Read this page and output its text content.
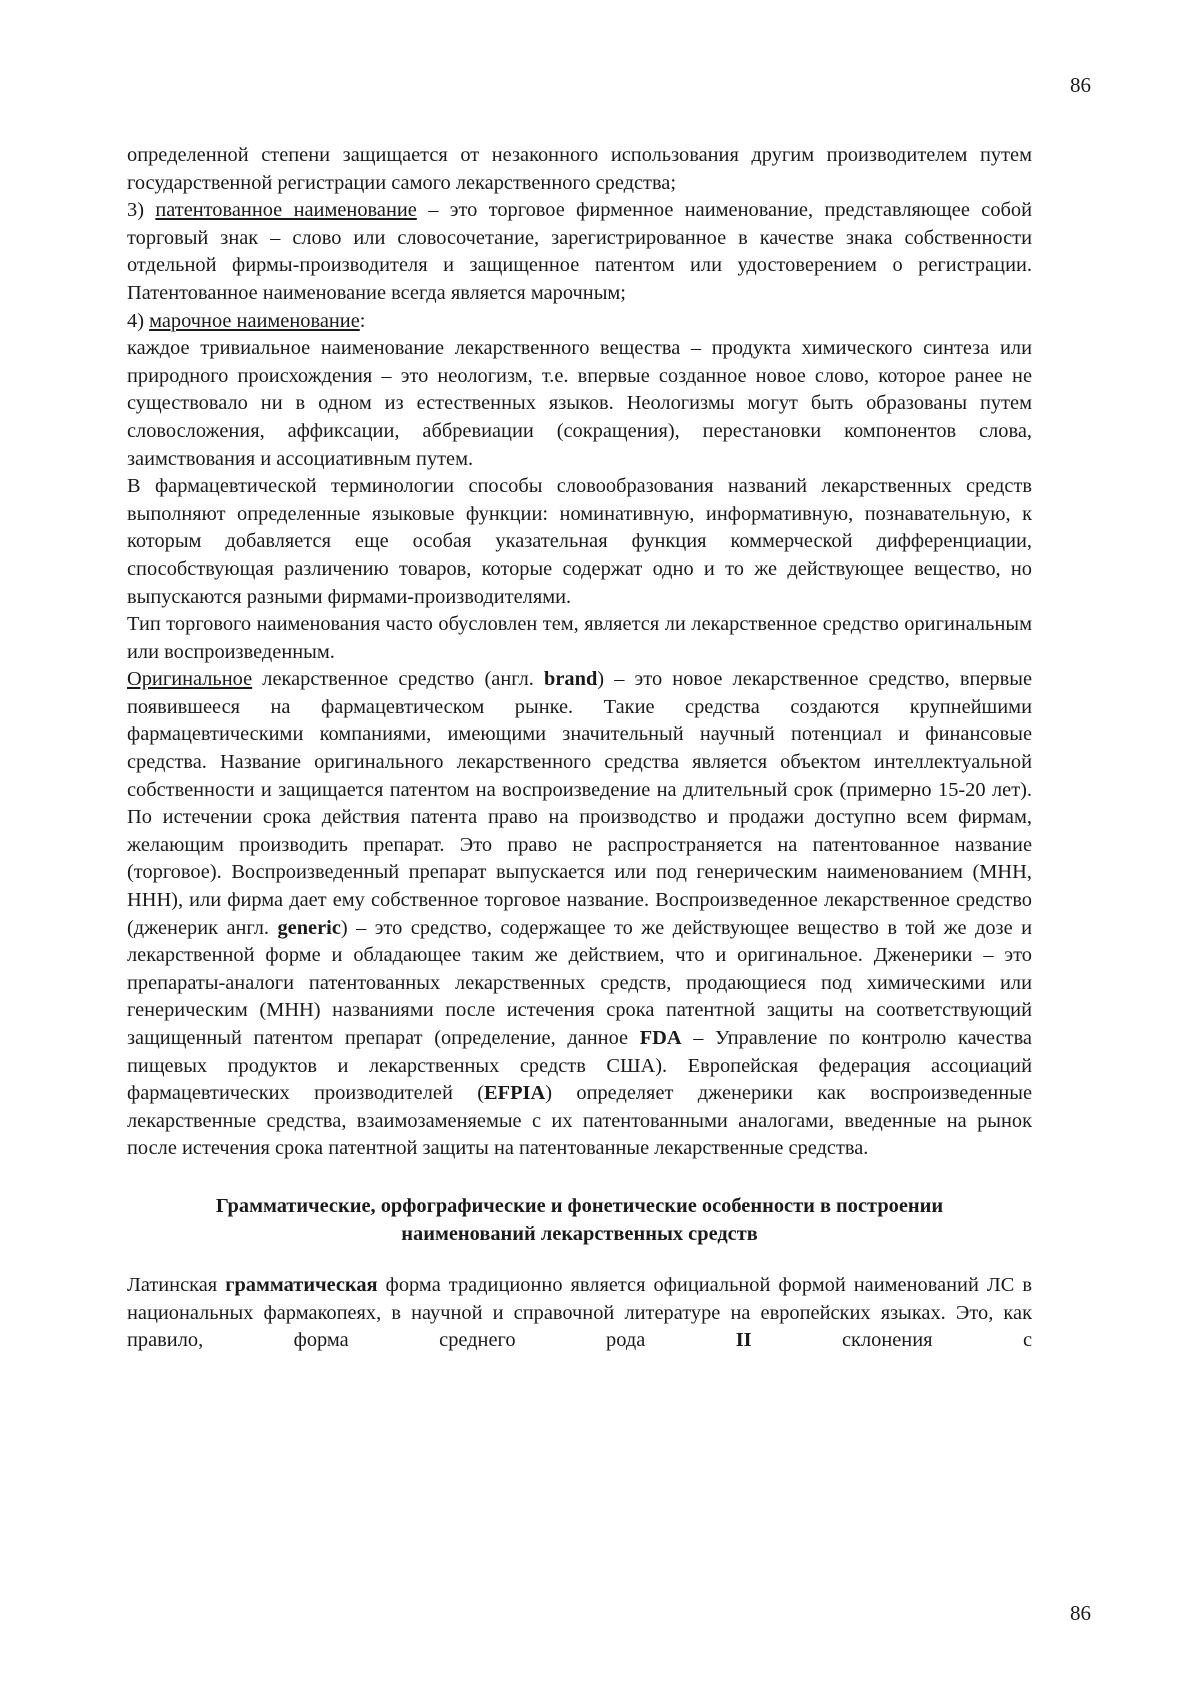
86

определенной степени защищается от незаконного использования другим производителем путем государственной регистрации самого лекарственного средства;

3) патентованное наименование – это торговое фирменное наименование, представляющее собой торговый знак – слово или словосочетание, зарегистрированное в качестве знака собственности отдельной фирмы-производителя и защищенное патентом или удостоверением о регистрации. Патентованное наименование всегда является марочным;

4) марочное наименование:

каждое тривиальное наименование лекарственного вещества – продукта химического синтеза или природного происхождения – это неологизм, т.е. впервые созданное новое слово, которое ранее не существовало ни в одном из естественных языков. Неологизмы могут быть образованы путем словосложения, аффиксации, аббревиации (сокращения), перестановки компонентов слова, заимствования и ассоциативным путем.

В фармацевтической терминологии способы словообразования названий лекарственных средств выполняют определенные языковые функции: номинативную, информативную, познавательную, к которым добавляется еще особая указательная функция коммерческой дифференциации, способствующая различению товаров, которые содержат одно и то же действующее вещество, но выпускаются разными фирмами-производителями.

Тип торгового наименования часто обусловлен тем, является ли лекарственное средство оригинальным или воспроизведенным.

Оригинальное лекарственное средство (англ. brand) – это новое лекарственное средство, впервые появившееся на фармацевтическом рынке. Такие средства создаются крупнейшими фармацевтическими компаниями, имеющими значительный научный потенциал и финансовые средства. Название оригинального лекарственного средства является объектом интеллектуальной собственности и защищается патентом на воспроизведение на длительный срок (примерно 15-20 лет). По истечении срока действия патента право на производство и продажи доступно всем фирмам, желающим производить препарат. Это право не распространяется на патентованное название (торговое). Воспроизведенный препарат выпускается или под генерическим наименованием (МНН, ННН), или фирма дает ему собственное торговое название. Воспроизведенное лекарственное средство (дженерик англ. generic) – это средство, содержащее то же действующее вещество в той же дозе и лекарственной форме и обладающее таким же действием, что и оригинальное. Дженерики – это препараты-аналоги патентованных лекарственных средств, продающиеся под химическими или генерическим (МНН) названиями после истечения срока патентной защиты на соответствующий защищенный патентом препарат (определение, данное FDA – Управление по контролю качества пищевых продуктов и лекарственных средств США). Европейская федерация ассоциаций фармацевтических производителей (EFPIA) определяет дженерики как воспроизведенные лекарственные средства, взаимозаменяемые с их патентованными аналогами, введенные на рынок после истечения срока патентной защиты на патентованные лекарственные средства.

Грамматические, орфографические и фонетические особенности в построении
наименований лекарственных средств

Латинская грамматическая форма традиционно является официальной формой наименований ЛС в национальных фармакопеях, в научной и справочной литературе на европейских языках. Это, как правило, форма среднего рода II склонения с

86
